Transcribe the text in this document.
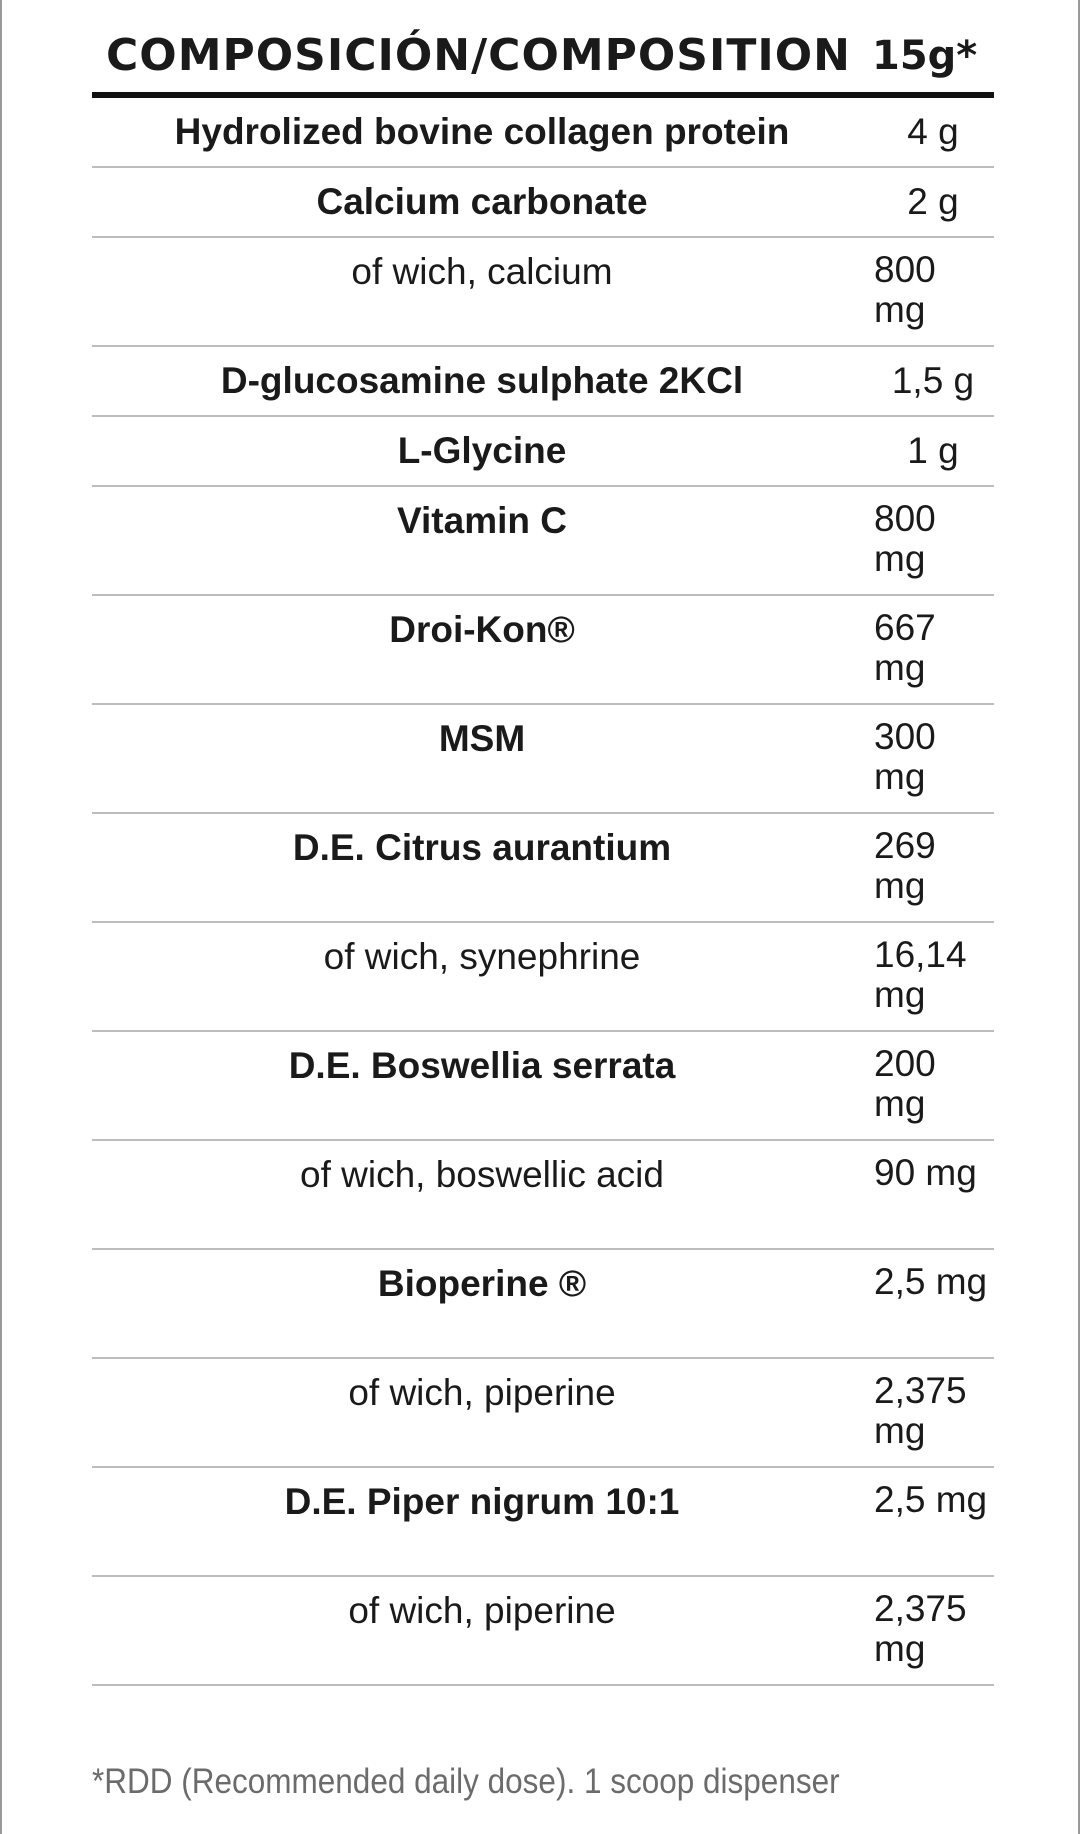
COMPOSICIÓN/COMPOSITION 15g*
Hydrolized bovine collagen protein	4 g
Calcium carbonate	2 g
of wich, calcium	800 mg
D-glucosamine sulphate 2KCl	1,5 g
L-Glycine	1 g
Vitamin C	800 mg
Droi-Kon®	667 mg
MSM	300 mg
D.E. Citrus aurantium	269 mg
of wich, synephrine	16,14 mg
D.E. Boswellia serrata	200 mg
of wich, boswellic acid	90 mg
Bioperine ®	2,5 mg
of wich, piperine	2,375 mg
D.E. Piper nigrum 10:1	2,5 mg
of wich, piperine	2,375 mg
*RDD (Recommended daily dose). 1 scoop dispenser
